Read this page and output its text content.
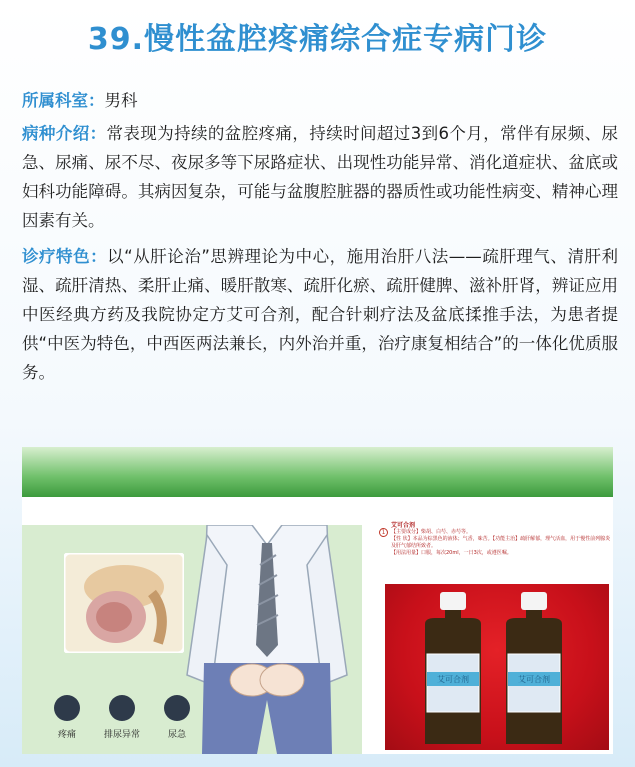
39.慢性盆腔疼痛综合症专病门诊
所属科室：男科
病种介绍：常表现为持续的盆腔疼痛，持续时间超过3到6个月，常伴有尿频、尿急、尿痛、尿不尽、夜尿多等下尿路症状、出现性功能异常、消化道症状、盆底或妇科功能障碍。其病因复杂，可能与盆腹腔脏器的器质性或功能性病变、精神心理因素有关。
诊疗特色：以“从肝论治”思辨理论为中心，施用治肝八法——疏肝理气、清肝利湿、疏肝清热、柔肝止痛、暖肝散寒、疏肝化瘀、疏肝健脾、滋补肝肾，辨证应用中医经典方药及我院协定方艾可合剂，配合针刺疗法及盆底揉推手法，为患者提供“中医为特色，中西医两法兼长，内外治并重，治疗康复相结合”的一体化优质服务。
疼痛	排尿异常	尿急
1
艾可合剂
【主要成分】柴胡、白芍、赤芍等。
【性 状】本品为棕黑色的液体；气香，味苦。【功能主治】疏肝解郁，理气活血，用于慢性前列腺炎及肝气郁结所致者。
【用法用量】口服，每次20ml，一日3次，或遵医嘱。
艾可合剂	艾可合剂
